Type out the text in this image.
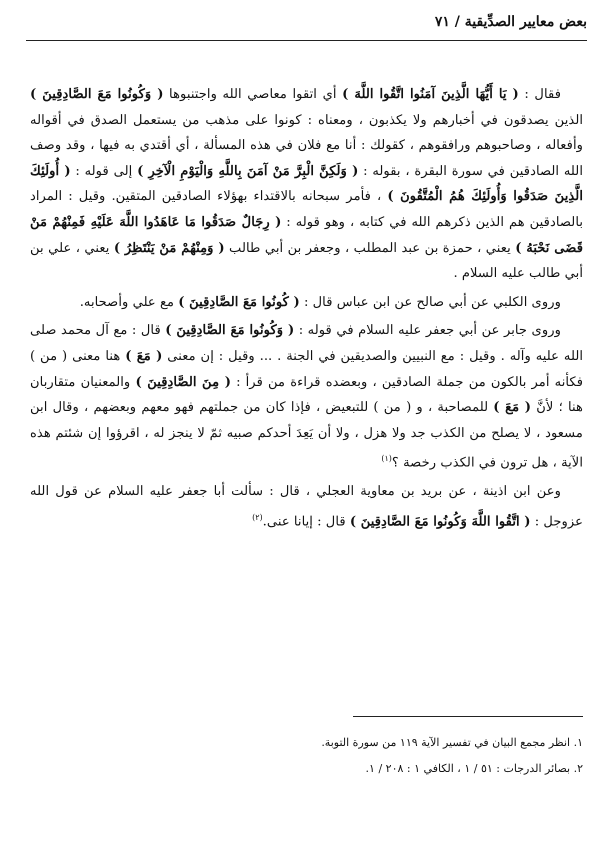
بعض معايير الصدِّيقية / ٧١

فقال : ( يَا أَيُّهَا الَّذِينَ آمَنُوا اتَّقُوا اللَّهَ ) أي اتقوا معاصي الله واجتنبوها ( وَكُونُوا مَعَ الصَّادِقِينَ ) الذين يصدقون في أخبارهم ولا يكذبون ، ومعناه : كونوا على مذهب من يستعمل الصدق في أقواله وأفعاله ، وصاحبوهم ورافقوهم ، كقولك : أنا مع فلان في هذه المسألة ، أي أقتدي به فيها ، وقد وصف الله الصادقين في سورة البقرة ، بقوله : ( وَلَكِنَّ الْبِرَّ مَنْ آمَنَ بِاللَّهِ وَالْيَوْمِ الْآخِرِ ) إلى قوله : ( أُولَئِكَ الَّذِينَ صَدَقُوا وَأُولَئِكَ هُمُ الْمُتَّقُونَ ) ، فأمر سبحانه بالاقتداء بهؤلاء الصادقين المتقين. وقيل : المراد بالصادقين هم الذين ذكرهم الله في كتابه ، وهو قوله : ( رِجَالٌ صَدَقُوا مَا عَاهَدُوا اللَّهَ عَلَيْهِ فَمِنْهُمْ مَنْ قَضَى نَحْبَهُ ) يعني ، حمزة بن عبد المطلب ، وجعفر بن أبي طالب ( وَمِنْهُمْ مَنْ يَنْتَظِرُ ) يعني ، علي بن أبي طالب عليه السلام .

وروى الكلبي عن أبي صالح عن ابن عباس قال : ( كُونُوا مَعَ الصَّادِقِينَ ) مع علي وأصحابه.

وروى جابر عن أبي جعفر عليه السلام في قوله : ( وَكُونُوا مَعَ الصَّادِقِينَ ) قال : مع آل محمد صلى الله عليه وآله . وقيل : مع النبيين والصديقين في الجنة . ... وقيل : إن معنى ( مَعَ ) هنا معنى ( من ) فكأنه أمر بالكون من جملة الصادقين ، وبعضده قراءة من قرأ : ( مِنَ الصَّادِقِينَ ) والمعنيان متقاربان هنا ؛ لأنَّ ( مَعَ ) للمصاحبة ، و ( من ) للتبعيض ، فإذا كان من جملتهم فهو معهم وبعضهم ، وقال ابن مسعود ، لا يصلح من الكذب جد ولا هزل ، ولا أن يَعِدَ أحدكم صبيه ثمّ لا ينجز له ، اقرؤوا إن شئتم هذه الآية ، هل ترون في الكذب رخصة ؟$^{(١)}$

وعن ابن اذينة ، عن بريد بن معاوية العجلي ، قال : سألت أبا جعفر عليه السلام عن قول الله عزوجل : ( اتَّقُوا اللَّهَ وَكُونُوا مَعَ الصَّادِقِينَ ) قال : إيانا عنى.$^{(٢)}$

١. انظر مجمع البيان في تفسير الآية ١١٩ من سورة التوبة.
٢. بصائر الدرجات : ٥١ / ١ ، الكافي ١ : ٢٠٨ / ١.
